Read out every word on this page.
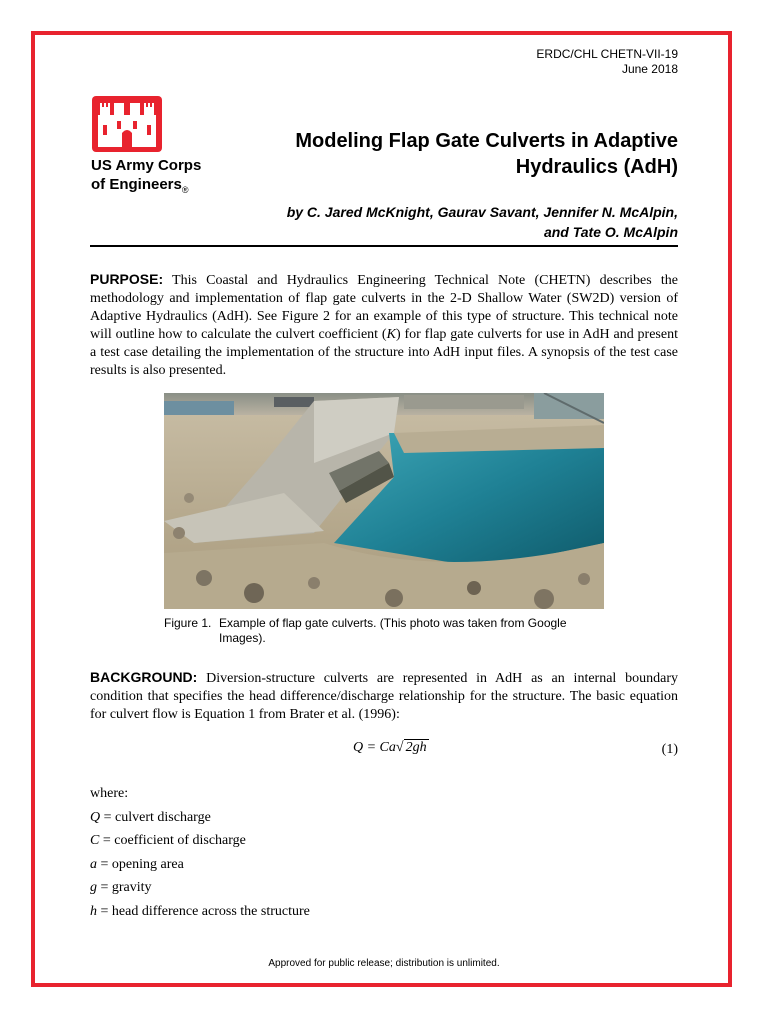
ERDC/CHL CHETN-VII-19
June 2018
US Army Corps
of Engineers$_®$
Modeling Flap Gate Culverts in Adaptive
Hydraulics (AdH)
by C. Jared McKnight, Gaurav Savant, Jennifer N. McAlpin,
and Tate O. McAlpin
PURPOSE: This Coastal and Hydraulics Engineering Technical Note (CHETN) describes the methodology and implementation of flap gate culverts in the 2-D Shallow Water (SW2D) version of Adaptive Hydraulics (AdH). See Figure 2 for an example of this type of structure. This technical note will outline how to calculate the culvert coefficient (K) for flap gate culverts for use in AdH and present a test case detailing the implementation of the structure into AdH input files. A synopsis of the test case results is also presented.
Figure 1. Example of flap gate culverts. (This photo was taken from Google Images).
BACKGROUND: Diversion-structure culverts are represented in AdH as an internal boundary condition that specifies the head difference/discharge relationship for the structure. The basic equation for culvert flow is Equation 1 from Brater et al. (1996):
Q = Ca√ 2gh	(1)
where:
Q = culvert discharge
C = coefficient of discharge
a = opening area
g = gravity
h = head difference across the structure
Approved for public release; distribution is unlimited.
